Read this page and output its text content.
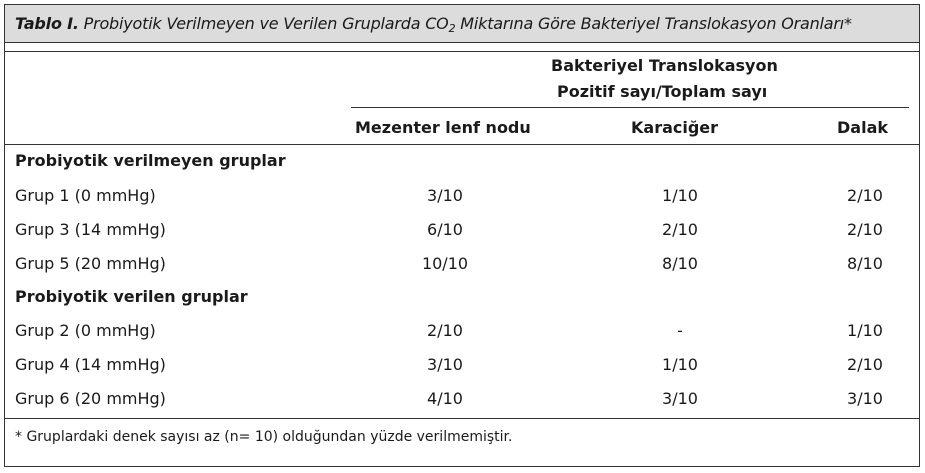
Tablo I. Probiyotik Verilmeyen ve Verilen Gruplarda $CO_2$ Miktarına Göre Bakteriyel Translokasyon Oranları*
Bakteriyel Translokasyon
Pozitif sayı/Toplam sayı
Mezenter lenf nodu	Karaciğer	Dalak
Probiyotik verilmeyen gruplar
Grup 1 (0 mmHg)	3/10	1/10	2/10
Grup 3 (14 mmHg)	6/10	2/10	2/10
Grup 5 (20 mmHg)	10/10	8/10	8/10
Probiyotik verilen gruplar
Grup 2 (0 mmHg)	2/10	-	1/10
Grup 4 (14 mmHg)	3/10	1/10	2/10
Grup 6 (20 mmHg)	4/10	3/10	3/10
* Gruplardaki denek sayısı az (n= 10) olduğundan yüzde verilmemiştir.
